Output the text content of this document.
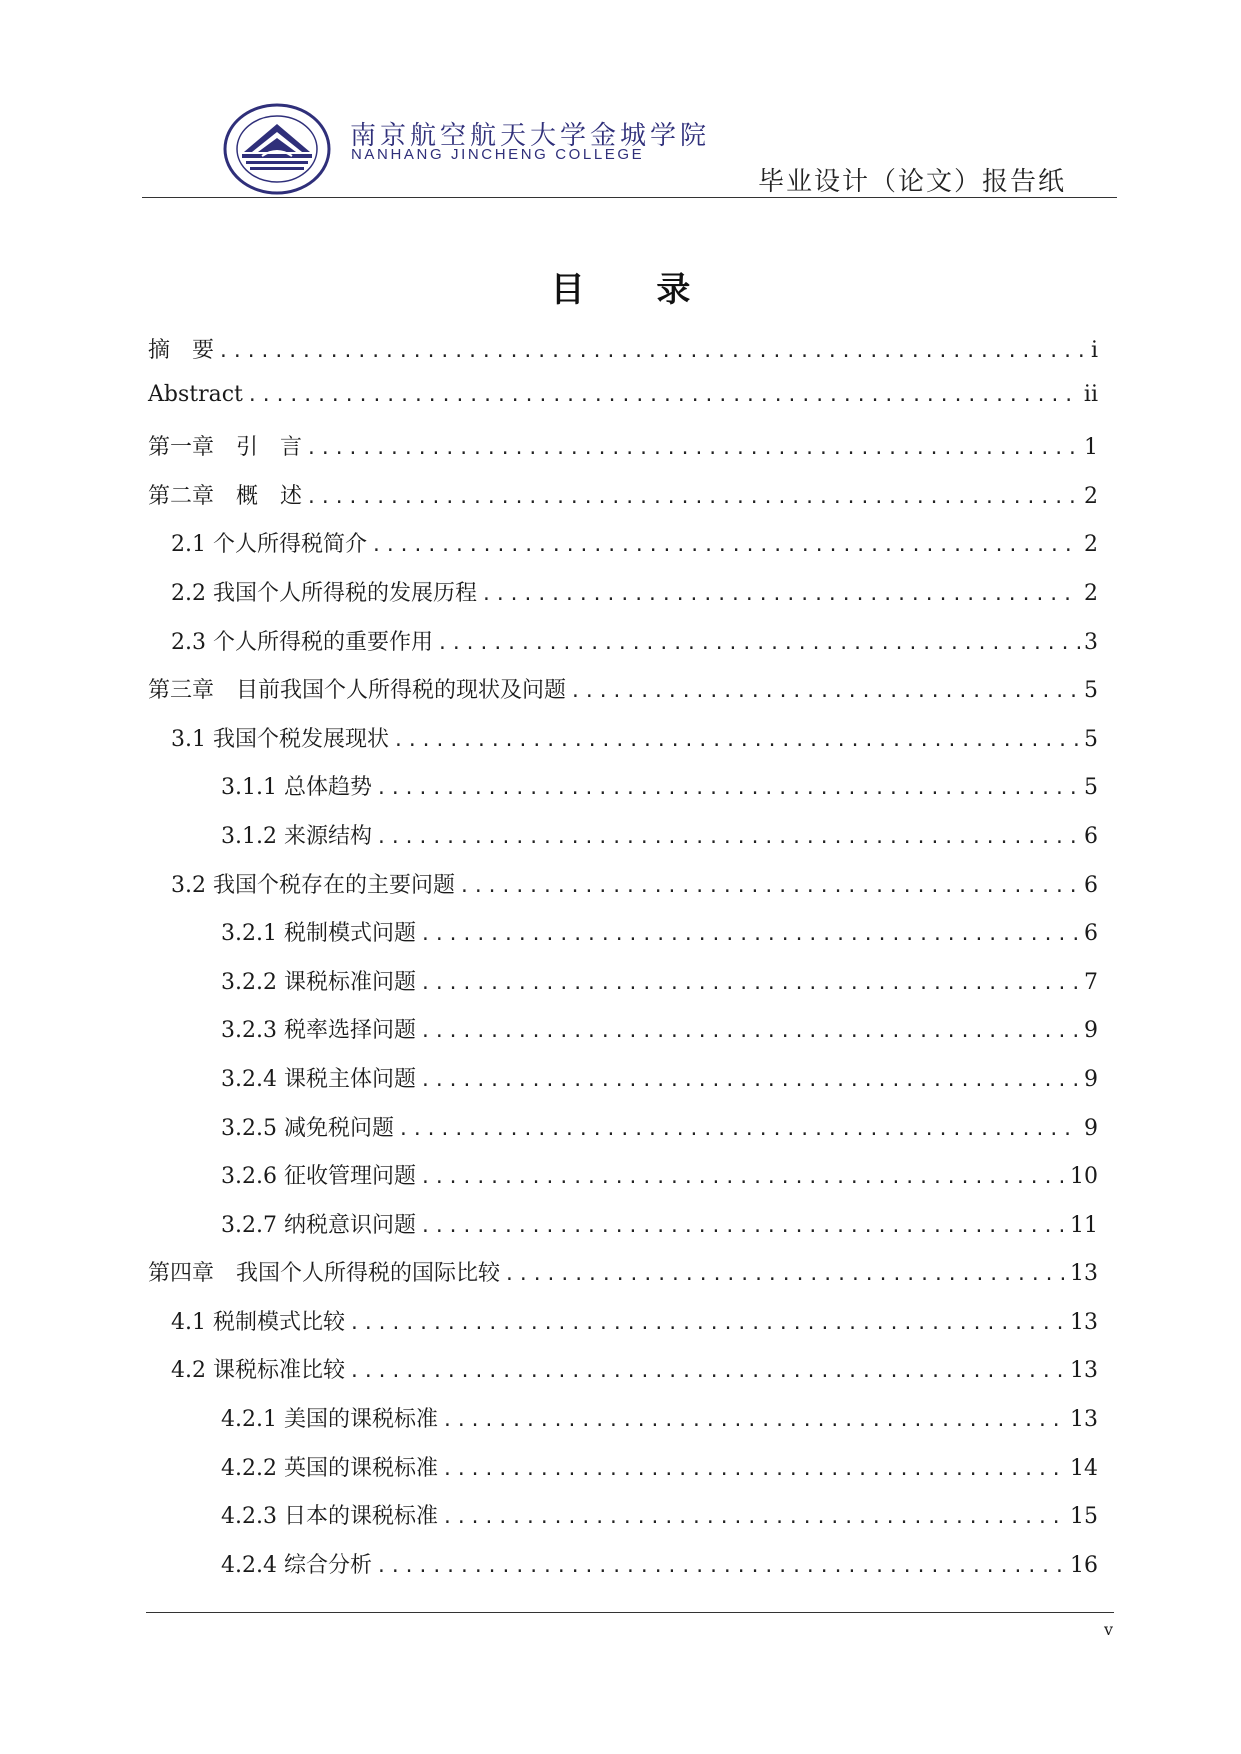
南京航空航天大学金城学院
NANHANG JINCHENG COLLEGE
毕业设计（论文）报告纸
目 录
摘　要 .....	i
Abstract .....	ii
第一章　引　言 .....	1
第二章　概　述 .....	2
2.1 个人所得税简介 .....	2
2.2 我国个人所得税的发展历程 .....	2
2.3 个人所得税的重要作用 .....	3
第三章　目前我国个人所得税的现状及问题 .....	5
3.1 我国个税发展现状 .....	5
3.1.1 总体趋势 .....	5
3.1.2 来源结构 .....	6
3.2 我国个税存在的主要问题 .....	6
3.2.1 税制模式问题 .....	6
3.2.2 课税标准问题 .....	7
3.2.3 税率选择问题 .....	9
3.2.4 课税主体问题 .....	9
3.2.5 减免税问题 .....	9
3.2.6 征收管理问题 .....	10
3.2.7 纳税意识问题 .....	11
第四章　我国个人所得税的国际比较 .....	13
4.1 税制模式比较 .....	13
4.2 课税标准比较 .....	13
4.2.1 美国的课税标准 .....	13
4.2.2 英国的课税标准 .....	14
4.2.3 日本的课税标准 .....	15
4.2.4 综合分析 .....	16
v
